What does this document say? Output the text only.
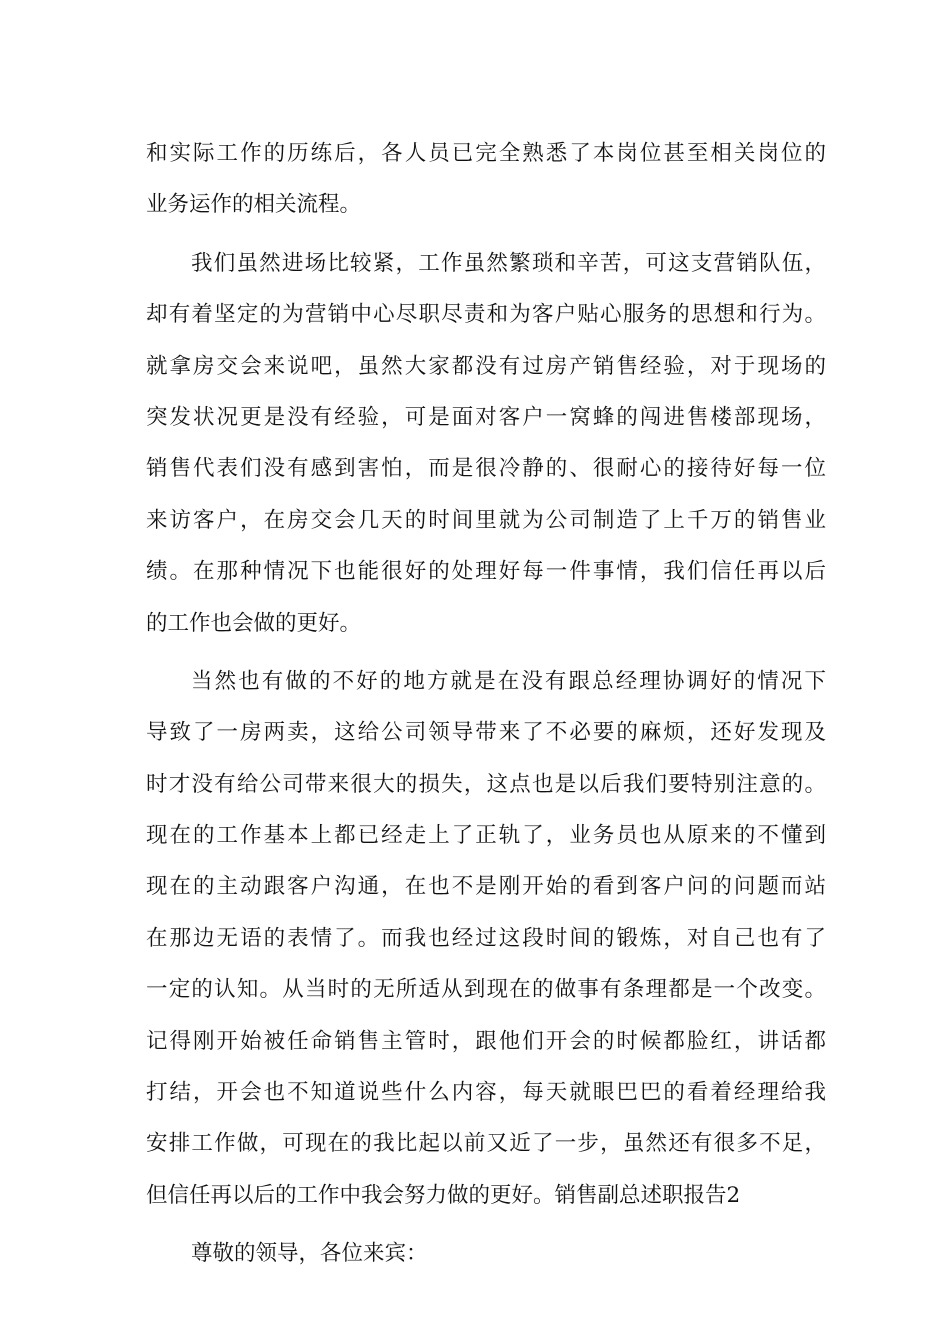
和实际工作的历练后，各人员已完全熟悉了本岗位甚至相关岗位的
业务运作的相关流程。
我们虽然进场比较紧，工作虽然繁琐和辛苦，可这支营销队伍，
却有着坚定的为营销中心尽职尽责和为客户贴心服务的思想和行为。
就拿房交会来说吧，虽然大家都没有过房产销售经验，对于现场的
突发状况更是没有经验，可是面对客户一窝蜂的闯进售楼部现场，
销售代表们没有感到害怕，而是很冷静的、很耐心的接待好每一位
来访客户，在房交会几天的时间里就为公司制造了上千万的销售业
绩。在那种情况下也能很好的处理好每一件事情，我们信任再以后
的工作也会做的更好。
当然也有做的不好的地方就是在没有跟总经理协调好的情况下
导致了一房两卖，这给公司领导带来了不必要的麻烦，还好发现及
时才没有给公司带来很大的损失，这点也是以后我们要特别注意的。
现在的工作基本上都已经走上了正轨了，业务员也从原来的不懂到
现在的主动跟客户沟通，在也不是刚开始的看到客户问的问题而站
在那边无语的表情了。而我也经过这段时间的锻炼，对自己也有了
一定的认知。从当时的无所适从到现在的做事有条理都是一个改变。
记得刚开始被任命销售主管时，跟他们开会的时候都脸红，讲话都
打结，开会也不知道说些什么内容，每天就眼巴巴的看着经理给我
安排工作做，可现在的我比起以前又近了一步，虽然还有很多不足，
但信任再以后的工作中我会努力做的更好。销售副总述职报告2
尊敬的领导，各位来宾：
